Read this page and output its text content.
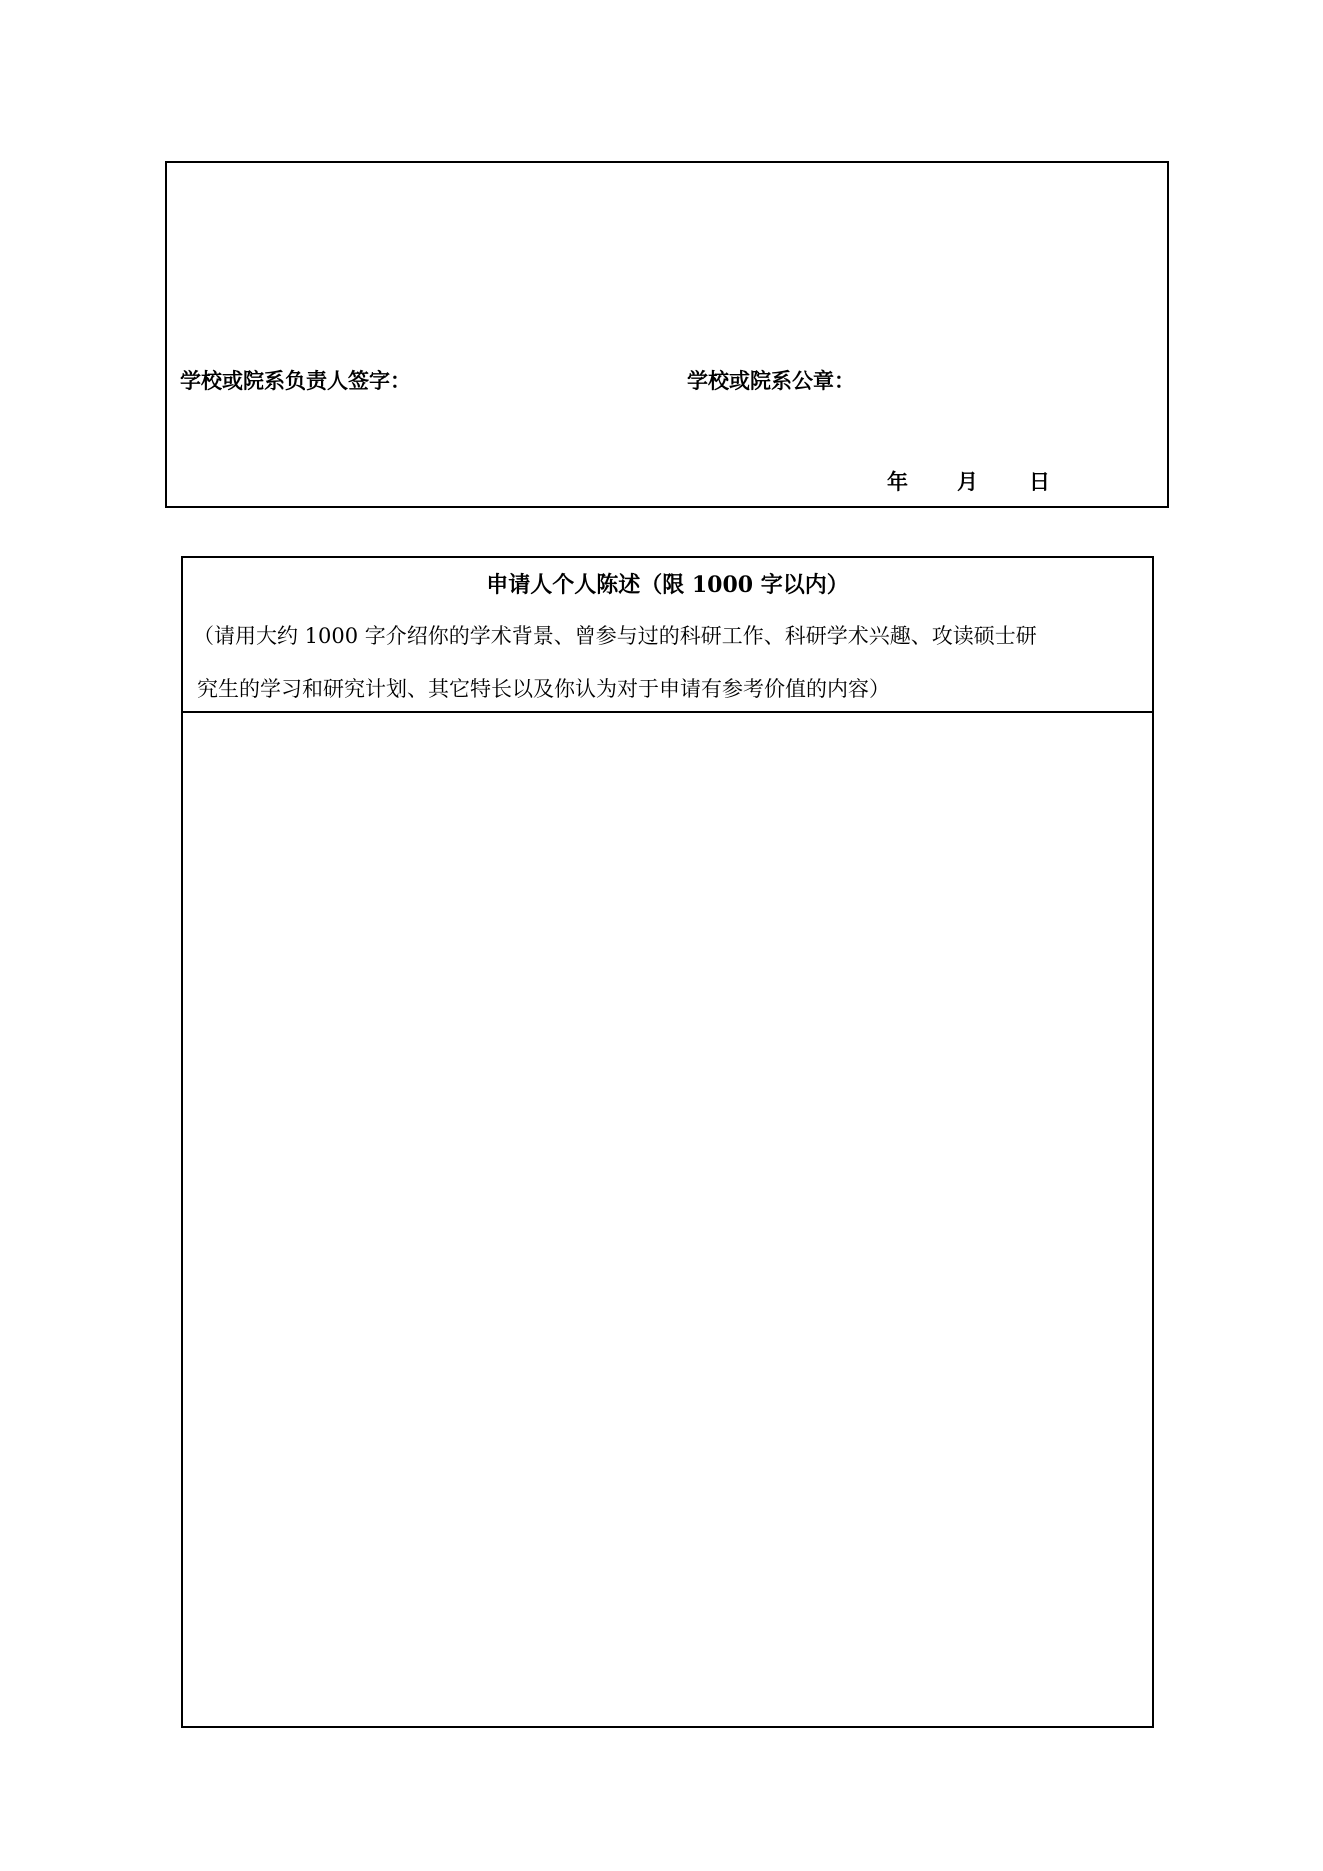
学校或院系负责人签字：	学校或院系公章：
年 月 日
申请人个人陈述（限 1000 字以内）
（请用大约 1000 字介绍你的学术背景、曾参与过的科研工作、科研学术兴趣、攻读硕士研
究生的学习和研究计划、其它特长以及你认为对于申请有参考价值的内容）
